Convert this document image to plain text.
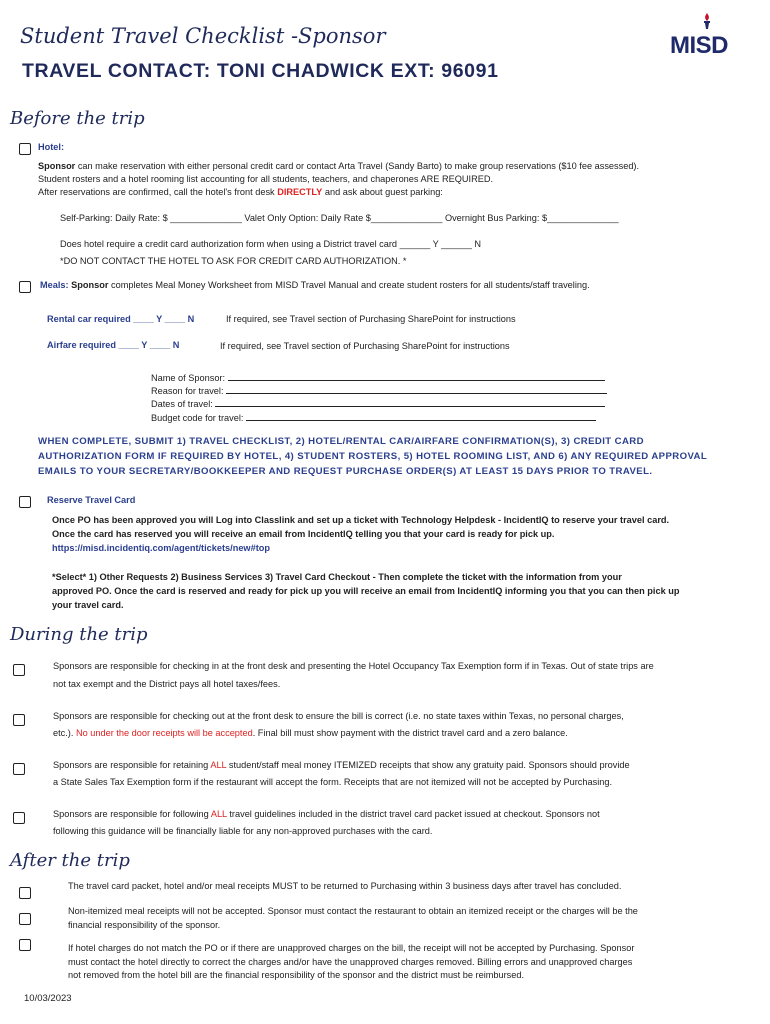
Student Travel Checklist -Sponsor
TRAVEL CONTACT: TONI CHADWICK EXT: 96091
MISD
Before the trip
Hotel:
Sponsor can make reservation with either personal credit card or contact Arta Travel (Sandy Barto) to make group reservations ($10 fee assessed).
Student rosters and a hotel rooming list accounting for all students, teachers, and chaperones ARE REQUIRED.
After reservations are confirmed, call the hotel's front desk DIRECTLY and ask about guest parking:
Self-Parking: Daily Rate: $ ______________ Valet Only Option: Daily Rate $______________ Overnight Bus Parking: $______________
Does hotel require a credit card authorization form when using a District travel card ______ Y ______ N
*DO NOT CONTACT THE HOTEL TO ASK FOR CREDIT CARD AUTHORIZATION. *
Meals: Sponsor completes Meal Money Worksheet from MISD Travel Manual and create student rosters for all students/staff traveling.
Rental car required ____ Y ____ N	If required, see Travel section of Purchasing SharePoint for instructions
Airfare required ____ Y ____ N	If required, see Travel section of Purchasing SharePoint for instructions
Name of Sponsor:
Reason for travel:
Dates of travel:
Budget code for travel:
WHEN COMPLETE, SUBMIT 1) TRAVEL CHECKLIST, 2) HOTEL/RENTAL CAR/AIRFARE CONFIRMATION(S), 3) CREDIT CARD
AUTHORIZATION FORM IF REQUIRED BY HOTEL, 4) STUDENT ROSTERS, 5) HOTEL ROOMING LIST, AND 6) ANY REQUIRED APPROVAL
EMAILS TO YOUR SECRETARY/BOOKKEEPER AND REQUEST PURCHASE ORDER(S) AT LEAST 15 DAYS PRIOR TO TRAVEL.
Reserve Travel Card
Once PO has been approved you will Log into Classlink and set up a ticket with Technology Helpdesk - IncidentIQ to reserve your travel card.
Once the card has reserved you will receive an email from IncidentIQ telling you that your card is ready for pick up.
https://misd.incidentiq.com/agent/tickets/new#top
*Select* 1) Other Requests 2) Business Services 3) Travel Card Checkout - Then complete the ticket with the information from your
approved PO. Once the card is reserved and ready for pick up you will receive an email from IncidentIQ informing you that you can then pick up
your travel card.
During the trip
Sponsors are responsible for checking in at the front desk and presenting the Hotel Occupancy Tax Exemption form if in Texas. Out of state trips are
not tax exempt and the District pays all hotel taxes/fees.
Sponsors are responsible for checking out at the front desk to ensure the bill is correct (i.e. no state taxes within Texas, no personal charges,
etc.). No under the door receipts will be accepted. Final bill must show payment with the district travel card and a zero balance.
Sponsors are responsible for retaining ALL student/staff meal money ITEMIZED receipts that show any gratuity paid. Sponsors should provide
a State Sales Tax Exemption form if the restaurant will accept the form. Receipts that are not itemized will not be accepted by Purchasing.
Sponsors are responsible for following ALL travel guidelines included in the district travel card packet issued at checkout. Sponsors not
following this guidance will be financially liable for any non-approved purchases with the card.
After the trip
The travel card packet, hotel and/or meal receipts MUST to be returned to Purchasing within 3 business days after travel has concluded.
Non-itemized meal receipts will not be accepted. Sponsor must contact the restaurant to obtain an itemized receipt or the charges will be the
financial responsibility of the sponsor.
If hotel charges do not match the PO or if there are unapproved charges on the bill, the receipt will not be accepted by Purchasing. Sponsor
must contact the hotel directly to correct the charges and/or have the unapproved charges removed. Billing errors and unapproved charges
not removed from the hotel bill are the financial responsibility of the sponsor and the district must be reimbursed.
10/03/2023
